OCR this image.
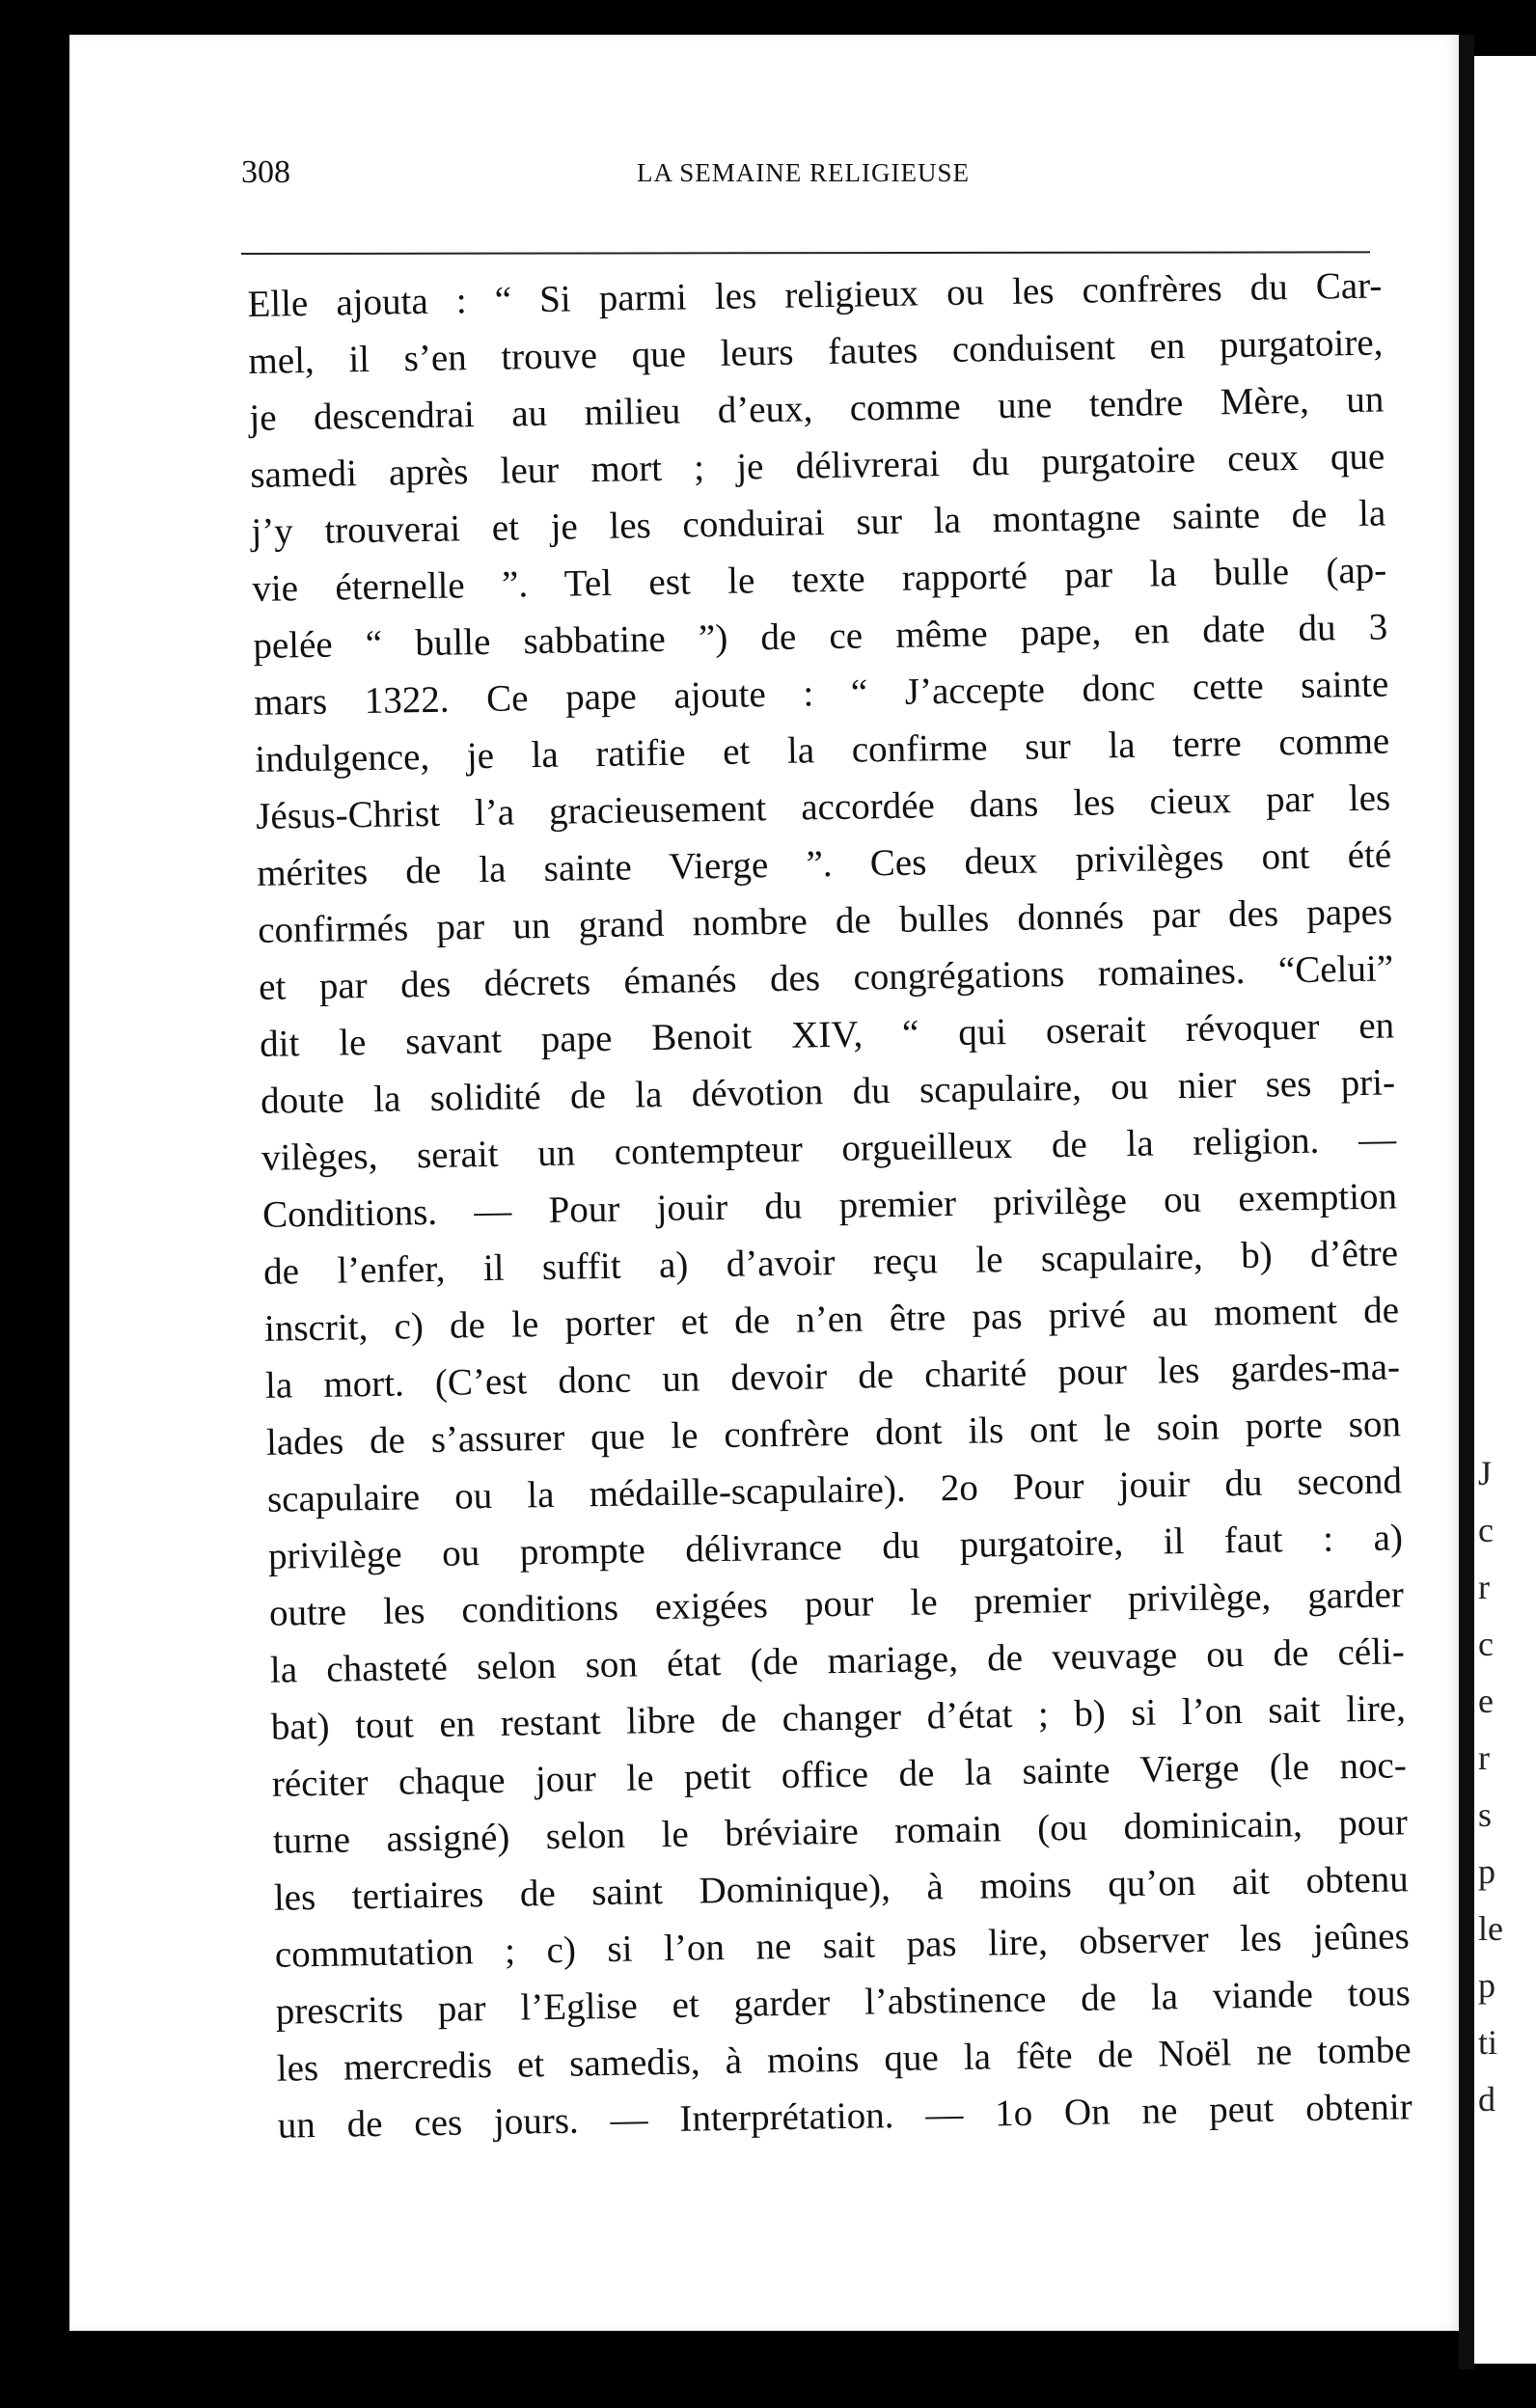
J
c
r
c
e
r
s
p
le
p
ti
d
308	LA SEMAINE RELIGIEUSE
Elle ajouta : “ Si parmi les religieux ou les confrères du Car-
mel, il s’en trouve que leurs fautes conduisent en purgatoire,
je descendrai au milieu d’eux, comme une tendre Mère, un
samedi après leur mort ; je délivrerai du purgatoire ceux que
j’y trouverai et je les conduirai sur la montagne sainte de la
vie éternelle ”. Tel est le texte rapporté par la bulle (ap-
pelée “ bulle sabbatine ”) de ce même pape, en date du 3
mars 1322. Ce pape ajoute : “ J’accepte donc cette sainte
indulgence, je la ratifie et la confirme sur la terre comme
Jésus-Christ l’a gracieusement accordée dans les cieux par les
mérites de la sainte Vierge ”. Ces deux privilèges ont été
confirmés par un grand nombre de bulles donnés par des papes
et par des décrets émanés des congrégations romaines. “Celui”
dit le savant pape Benoit XIV, “ qui oserait révoquer en
doute la solidité de la dévotion du scapulaire, ou nier ses pri-
vilèges, serait un contempteur orgueilleux de la religion. —
Conditions. — Pour jouir du premier privilège ou exemption
de l’enfer, il suffit a) d’avoir reçu le scapulaire, b) d’être
inscrit, c) de le porter et de n’en être pas privé au moment de
la mort. (C’est donc un devoir de charité pour les gardes-ma-
lades de s’assurer que le confrère dont ils ont le soin porte son
scapulaire ou la médaille-scapulaire). 2o Pour jouir du second
privilège ou prompte délivrance du purgatoire, il faut : a)
outre les conditions exigées pour le premier privilège, garder
la chasteté selon son état (de mariage, de veuvage ou de céli-
bat) tout en restant libre de changer d’état ; b) si l’on sait lire,
réciter chaque jour le petit office de la sainte Vierge (le noc-
turne assigné) selon le bréviaire romain (ou dominicain, pour
les tertiaires de saint Dominique), à moins qu’on ait obtenu
commutation ; c) si l’on ne sait pas lire, observer les jeûnes
prescrits par l’Eglise et garder l’abstinence de la viande tous
les mercredis et samedis, à moins que la fête de Noël ne tombe
un de ces jours. — Interprétation. — 1o On ne peut obtenir
